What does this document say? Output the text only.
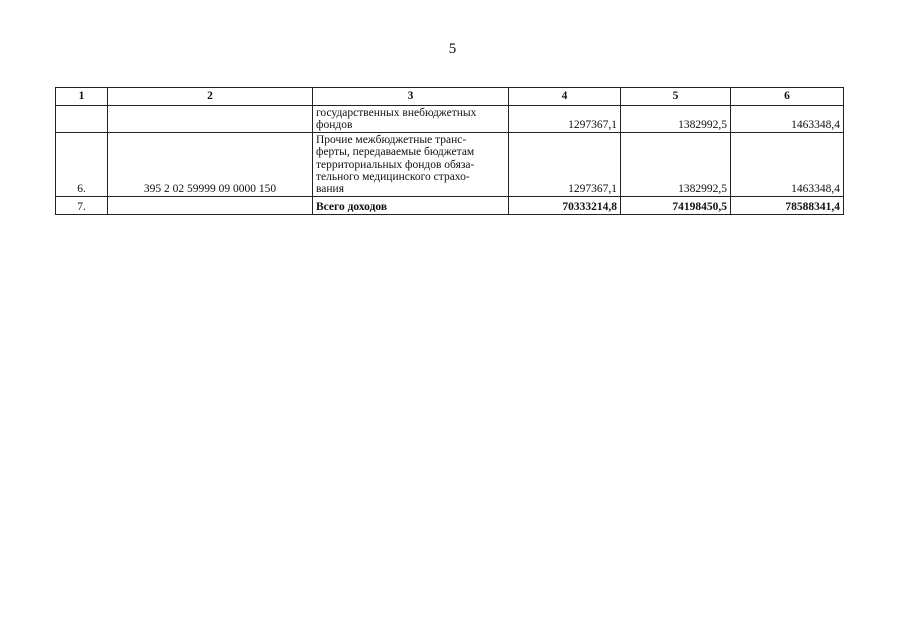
5
1	2	3	4	5	6

		государственных внебюджетных
фондов	1297367,1	1382992,5	1463348,4
6.	395 2 02 59999 09 0000 150	Прочие межбюджетные транс-
ферты, передаваемые бюджетам
территориальных фондов обяза-
тельного медицинского страхо-
вания	1297367,1	1382992,5	1463348,4
7.		Всего доходов	70333214,8	74198450,5	78588341,4
